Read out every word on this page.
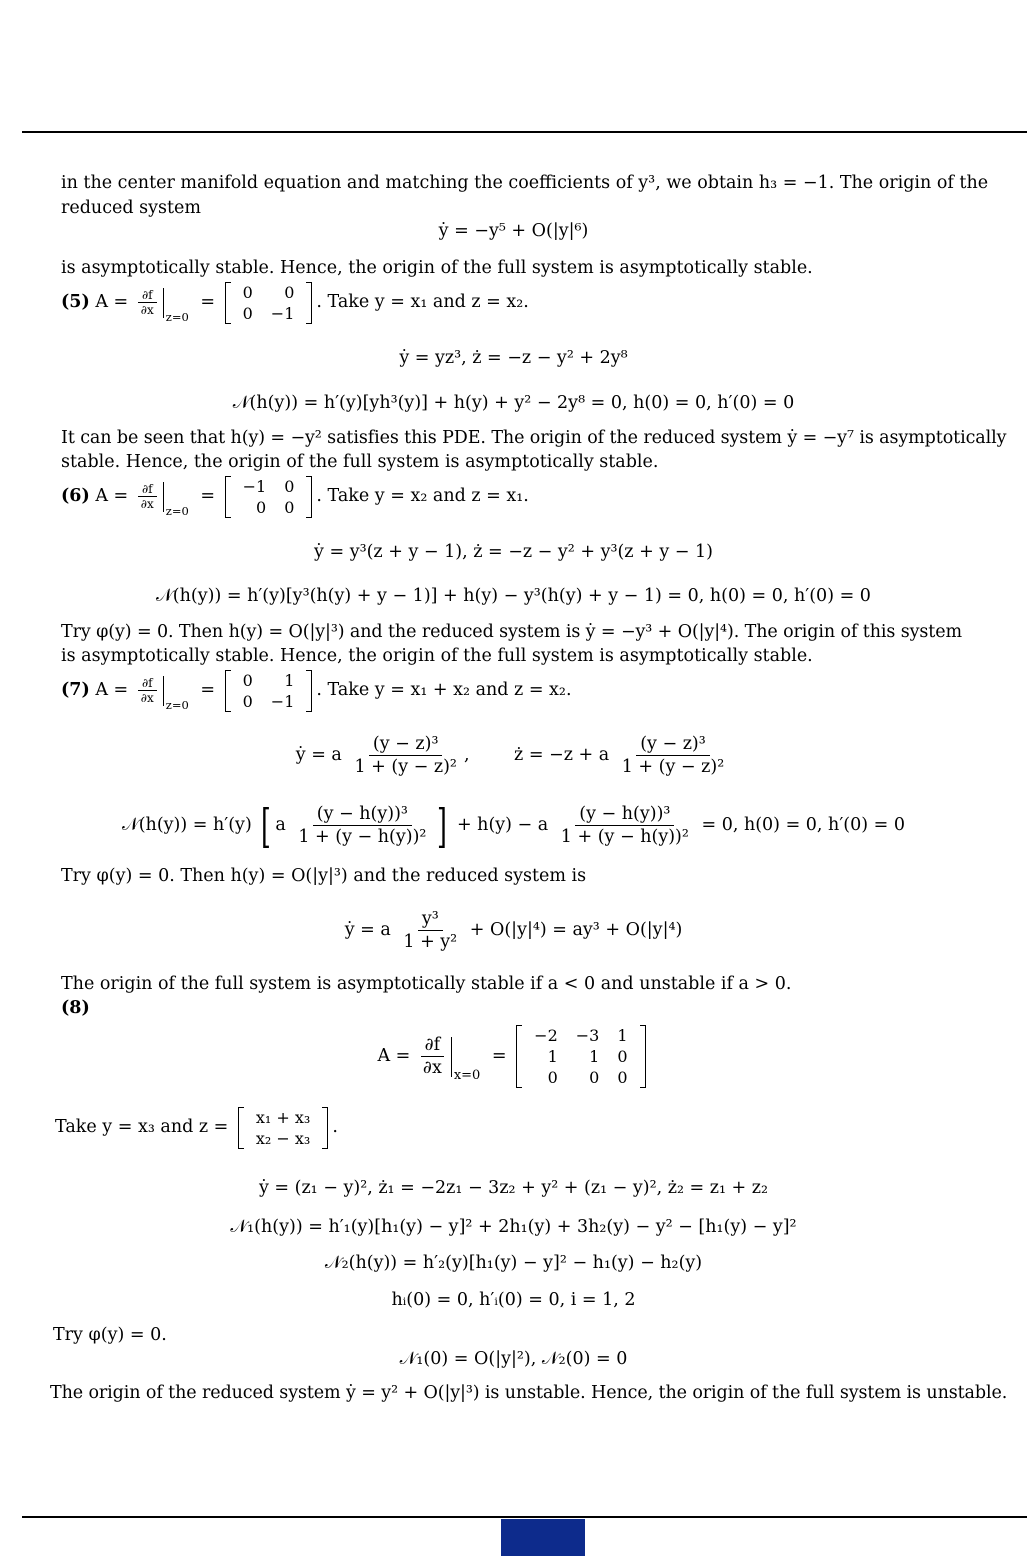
in the center manifold equation and matching the coefficients of y³, we obtain h₃ = −1. The origin of the
reduced system
ẏ = −y⁵ + O(|y|⁶)
is asymptotically stable. Hence, the origin of the full system is asymptotically stable.
(5) $A = \frac{\partial f}{\partial x}$
$_{z=0}$ = 0	0
0	−1
. Take y = x₁ and z = x₂.
ẏ = yz³, ż = −z − y² + 2y⁸
𝒩(h(y)) = h′(y)[yh³(y)] + h(y) + y² − 2y⁸ = 0, h(0) = 0, h′(0) = 0
It can be seen that h(y) = −y² satisfies this PDE. The origin of the reduced system ẏ = −y⁷ is asymptotically
stable. Hence, the origin of the full system is asymptotically stable.
(6) $A = \frac{\partial f}{\partial x}$
$_{z=0}$ = −1	0
0	0
. Take y = x₂ and z = x₁.
ẏ = y³(z + y − 1), ż = −z − y² + y³(z + y − 1)
𝒩(h(y)) = h′(y)[y³(h(y) + y − 1)] + h(y) − y³(h(y) + y − 1) = 0, h(0) = 0, h′(0) = 0
Try φ(y) = 0. Then h(y) = O(|y|³) and the reduced system is ẏ = −y³ + O(|y|⁴). The origin of this system
is asymptotically stable. Hence, the origin of the full system is asymptotically stable.
(7) $A = \frac{\partial f}{\partial x}$
$_{z=0}$ = 0	1
0	−1
. Take y = x₁ + x₂ and z = x₂.
ẏ = a $\frac{\text{(y − z)³}}{\text{1 + (y − z)²}}$ ,	ż = −z + a $\frac{\text{(y − z)³}}{\text{1 + (y − z)²}}$
𝒩(h(y)) = h′(y) [ a $\frac{\text{(y − h(y))³}}{\text{1 + (y − h(y))²}}$ ] + h(y) − a $\frac{\text{(y − h(y))³}}{\text{1 + (y − h(y))²}} = 0$, h(0) = 0, h′(0) = 0
Try φ(y) = 0. Then h(y) = O(|y|³) and the reduced system is
ẏ = a $\frac{\text{y³}}{\text{1 + y²}} + O(|y|^4) = ay^3 + O(|y|^4)$
The origin of the full system is asymptotically stable if a < 0 and unstable if a > 0.
(8)
$A = \frac{\partial f}{\partial x} _{x=0}$ =
−2	−3	1
1	1	0
0	0	0
Take y = x₃ and z = x₁ + x₃
x₂ − x₃
.
ẏ = (z₁ − y)², ż₁ = −2z₁ − 3z₂ + y² + (z₁ − y)², ż₂ = z₁ + z₂
𝒩₁(h(y)) = h′₁(y)[h₁(y) − y]² + 2h₁(y) + 3h₂(y) − y² − [h₁(y) − y]²
𝒩₂(h(y)) = h′₂(y)[h₁(y) − y]² − h₁(y) − h₂(y)
hᵢ(0) = 0, h′ᵢ(0) = 0, i = 1, 2
Try φ(y) = 0.
𝒩₁(0) = O(|y|²), 𝒩₂(0) = 0
The origin of the reduced system ẏ = y² + O(|y|³) is unstable. Hence, the origin of the full system is unstable.
